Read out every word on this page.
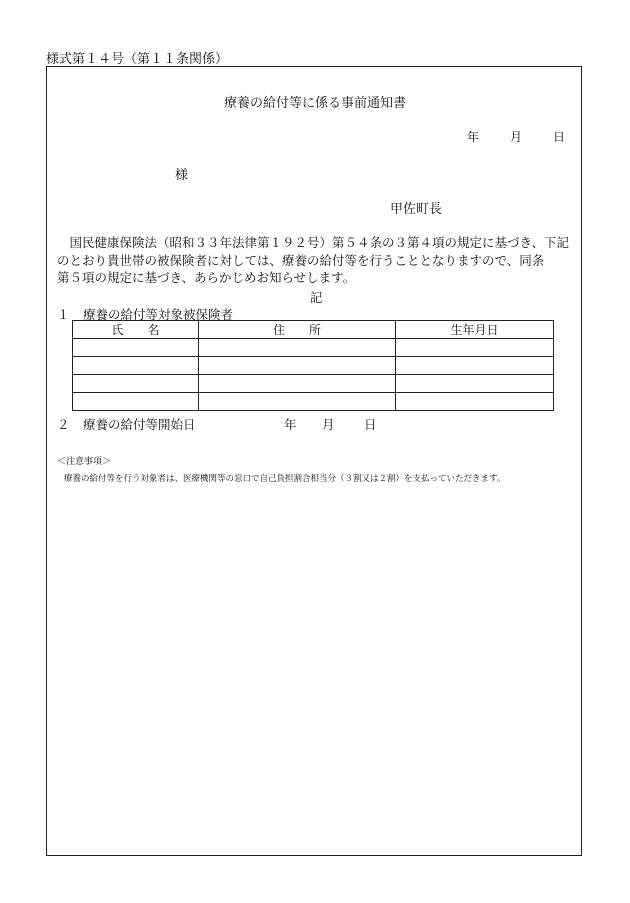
様式第１４号（第１１条関係）
療養の給付等に係る事前通知書
年	月	日
様
甲佐町長
　国民健康保険法（昭和３３年法律第１９２号）第５４条の３第４項の規定に基づき、下記
のとおり貴世帯の被保険者に対しては、療養の給付等を行うこととなりますので、同条
第５項の規定に基づき、あらかじめお知らせします。
記
１ 療養の給付等対象被保険者
氏　　名	住　　所	生年月日

２ 療養の給付等開始日	年 月 日
＜注意事項＞
療養の給付等を行う対象者は、医療機関等の窓口で自己負担割合相当分（３割又は２割）を支払っていただきます。
